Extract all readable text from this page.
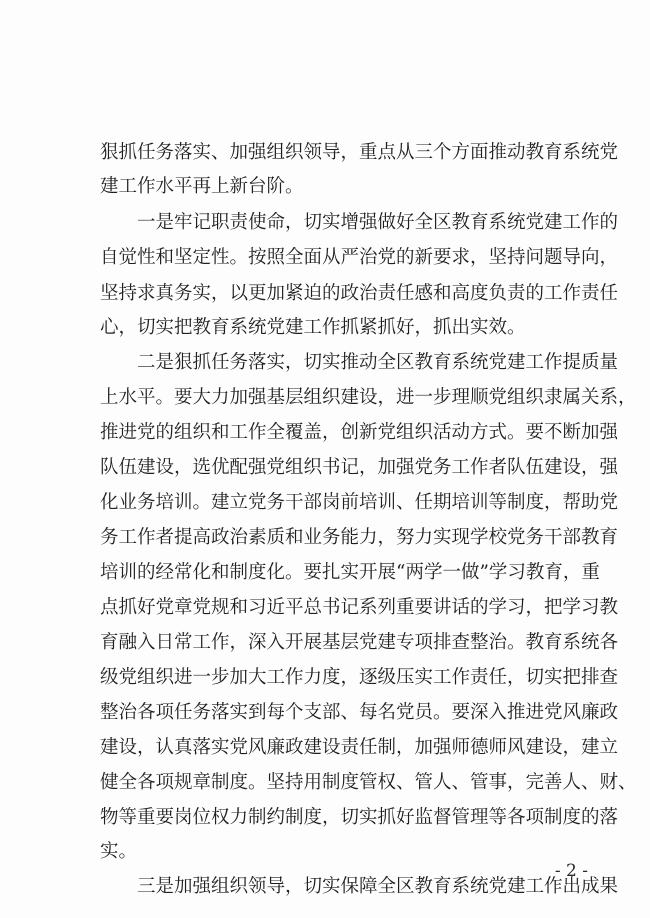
狠抓任务落实、加强组织领导，重点从三个方面推动教育系统党
建工作水平再上新台阶。
　　一是牢记职责使命，切实增强做好全区教育系统党建工作的
自觉性和坚定性。按照全面从严治党的新要求，坚持问题导向，
坚持求真务实，以更加紧迫的政治责任感和高度负责的工作责任
心，切实把教育系统党建工作抓紧抓好，抓出实效。
　　二是狠抓任务落实，切实推动全区教育系统党建工作提质量
上水平。要大力加强基层组织建设，进一步理顺党组织隶属关系，
推进党的组织和工作全覆盖，创新党组织活动方式。要不断加强
队伍建设，选优配强党组织书记，加强党务工作者队伍建设，强
化业务培训。建立党务干部岗前培训、任期培训等制度，帮助党
务工作者提高政治素质和业务能力，努力实现学校党务干部教育
培训的经常化和制度化。要扎实开展“两学一做”学习教育，重
点抓好党章党规和习近平总书记系列重要讲话的学习，把学习教
育融入日常工作，深入开展基层党建专项排查整治。教育系统各
级党组织进一步加大工作力度，逐级压实工作责任，切实把排查
整治各项任务落实到每个支部、每名党员。要深入推进党风廉政
建设，认真落实党风廉政建设责任制，加强师德师风建设，建立
健全各项规章制度。坚持用制度管权、管人、管事，完善人、财、
物等重要岗位权力制约制度，切实抓好监督管理等各项制度的落
实。
　　三是加强组织领导，切实保障全区教育系统党建工作出成果
- 2 -
